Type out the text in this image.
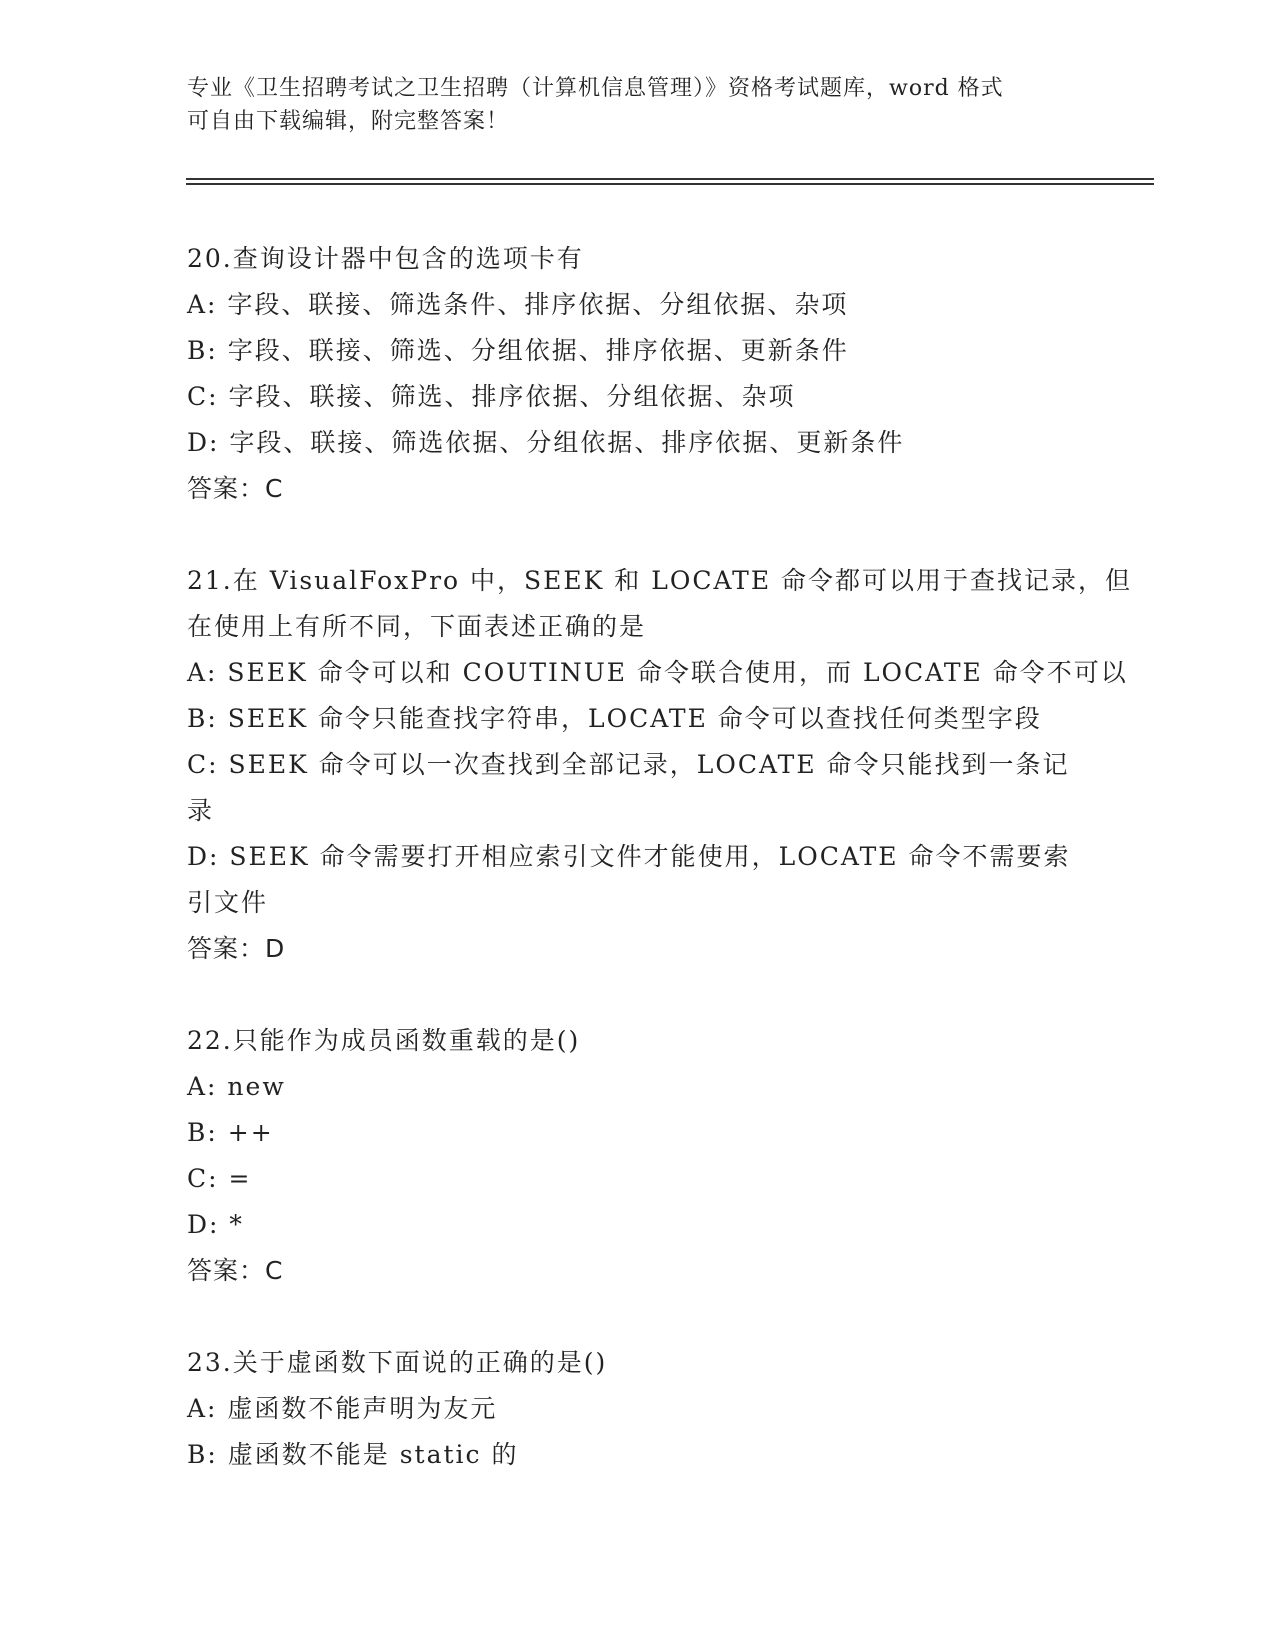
专业《卫生招聘考试之卫生招聘（计算机信息管理）》资格考试题库，word 格式
可自由下载编辑，附完整答案！
20.查询设计器中包含的选项卡有
A: 字段、联接、筛选条件、排序依据、分组依据、杂项
B: 字段、联接、筛选、分组依据、排序依据、更新条件
C: 字段、联接、筛选、排序依据、分组依据、杂项
D: 字段、联接、筛选依据、分组依据、排序依据、更新条件
答案：C
21.在 VisualFoxPro 中，SEEK 和 LOCATE 命令都可以用于查找记录，但
在使用上有所不同，下面表述正确的是
A: SEEK 命令可以和 COUTINUE 命令联合使用，而 LOCATE 命令不可以
B: SEEK 命令只能查找字符串，LOCATE 命令可以查找任何类型字段
C: SEEK 命令可以一次查找到全部记录，LOCATE 命令只能找到一条记
录
D: SEEK 命令需要打开相应索引文件才能使用，LOCATE 命令不需要索
引文件
答案：D
22.只能作为成员函数重载的是()
A: new
B: ++
C: =
D: *
答案：C
23.关于虚函数下面说的正确的是()
A: 虚函数不能声明为友元
B: 虚函数不能是 static 的
